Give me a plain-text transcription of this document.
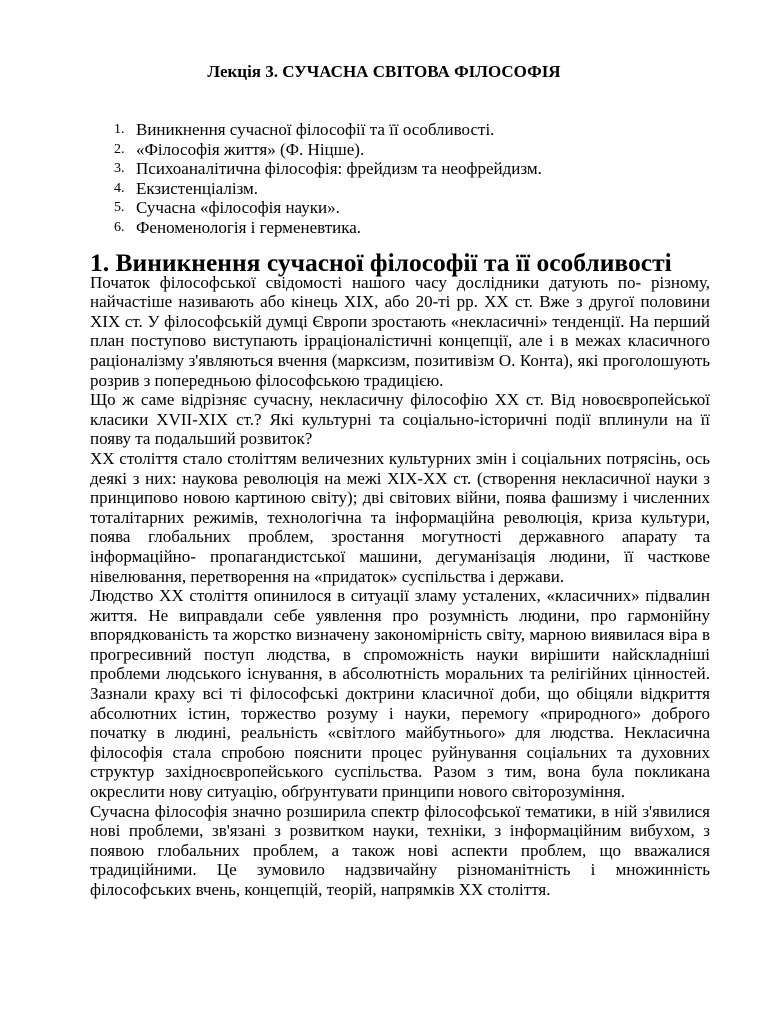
Лекція 3. СУЧАСНА СВІТОВА ФІЛОСОФІЯ
1. Виникнення сучасної філософії та її особливості.
2. «Філософія життя» (Ф. Ніцше).
3. Психоаналітична філософія: фрейдизм та неофрейдизм.
4. Екзистенціалізм.
5. Сучасна «філософія науки».
6. Феноменологія і герменевтика.
1. Виникнення сучасної філософії та її особливості

Початок філософської свідомості нашого часу дослідники датують по- різному, найчастіше називають або кінець XIX, або 20-ті рр. XX ст. Вже з другої половини XIX ст. У філософській думці Європи зростають «некласичні» тенденції. На перший план поступово виступають ірраціоналістичні концепції, але і в межах класичного раціоналізму з'являються вчення (марксизм, позитивізм О. Конта), які проголошують розрив з попередньою філософською традицією.

Що ж саме відрізняє сучасну, некласичну філософію XX ст. Від новоєвропейської класики XVII-XIX ст.? Які культурні та соціально-історичні події вплинули на її появу та подальший розвиток?

XX століття стало століттям величезних культурних змін і соціальних потрясінь, ось деякі з них: наукова революція на межі XIX-XX ст. (створення некласичної науки з принципово новою картиною світу); дві світових війни, поява фашизму і численних тоталітарних режимів, технологічна та інформаційна революція, криза культури, поява глобальних проблем, зростання могутності державного апарату та інформаційно- пропагандистської машини, дегуманізація людини, її часткове нівелювання, перетворення на «придаток» суспільства і держави.

Людство XX століття опинилося в ситуації зламу усталених, «класичних» підвалин життя. Не виправдали себе уявлення про розумність людини, про гармонійну впорядкованість та жорстко визначену закономірність світу, марною виявилася віра в прогресивний поступ людства, в спроможність науки вирішити найскладніші проблеми людського існування, в абсолютність моральних та релігійних цінностей. Зазнали краху всі ті філософські доктрини класичної доби, що обіцяли відкриття абсолютних істин, торжество розуму і науки, перемогу «природного» доброго початку в людині, реальність «світлого майбутнього» для людства. Некласична філософія стала спробою пояснити процес руйнування соціальних та духовних структур західноєвропейського суспільства. Разом з тим, вона була покликана окреслити нову ситуацію, обґрунтувати принципи нового світорозуміння.

Сучасна філософія значно розширила спектр філософської тематики, в ній з'явилися нові проблеми, зв'язані з розвитком науки, техніки, з інформаційним вибухом, з появою глобальних проблем, а також нові аспекти проблем, що вважалися традиційними. Це зумовило надзвичайну різноманітність і множинність філософських вчень, концепцій, теорій, напрямків XX століття.
